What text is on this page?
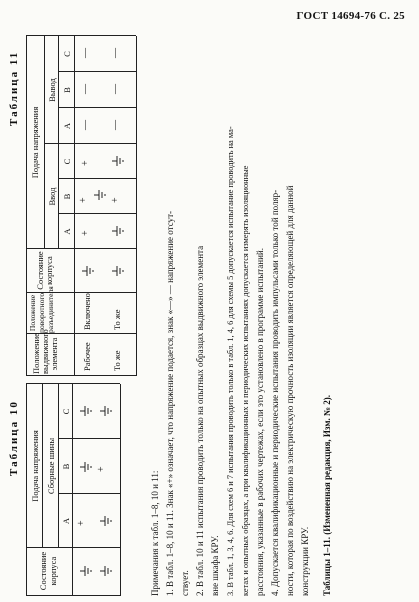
ГОСТ 14694-76 С. 25
Таблица 11
Положение выдвижного элемента
Положение поворотного разъединителя
Состояние корпуса
Подача напряжения
Ввод
Вывод
A
B
C
A
B
C
Рабочее
Включено
То же
То же
+
+
+
—
—
—
+
—
—
—
Таблица 10
Состояние корпуса
Подача напряжения Сборные шины
A
B
C
+
+
Примечания к табл. 1–8, 10 и 11: 1. В табл. 1–8, 10 и 11. Знак «+» означает, что напряжение подается, знак «—» — напряжение отсут- ствует. 2. В табл. 10 и 11 испытания проводить только на опытных образцах выдвижного элемента вне шкафа КРУ. 3. В табл. 1, 3, 4, 6. Для схем 6 и 7 испытания проводить только в табл. 1, 4, 6 для схемы 5 допускается испытание проводить на ма- кетах и опытных образцах, а при квалификационных и периодических испытаниях допускается измерять изоляционные расстояния, указанные в рабочих чертежах, если это установлено в программе испытаний. 4. Допускается квалификационные и периодические испытания проводить импульсами только той поляр- ности, которая по воздействию на электрическую прочность изоляции является определяющей для данной конструкции КРУ.	Таблицы 1–11. (Измененная редакция, Изм. № 2).
